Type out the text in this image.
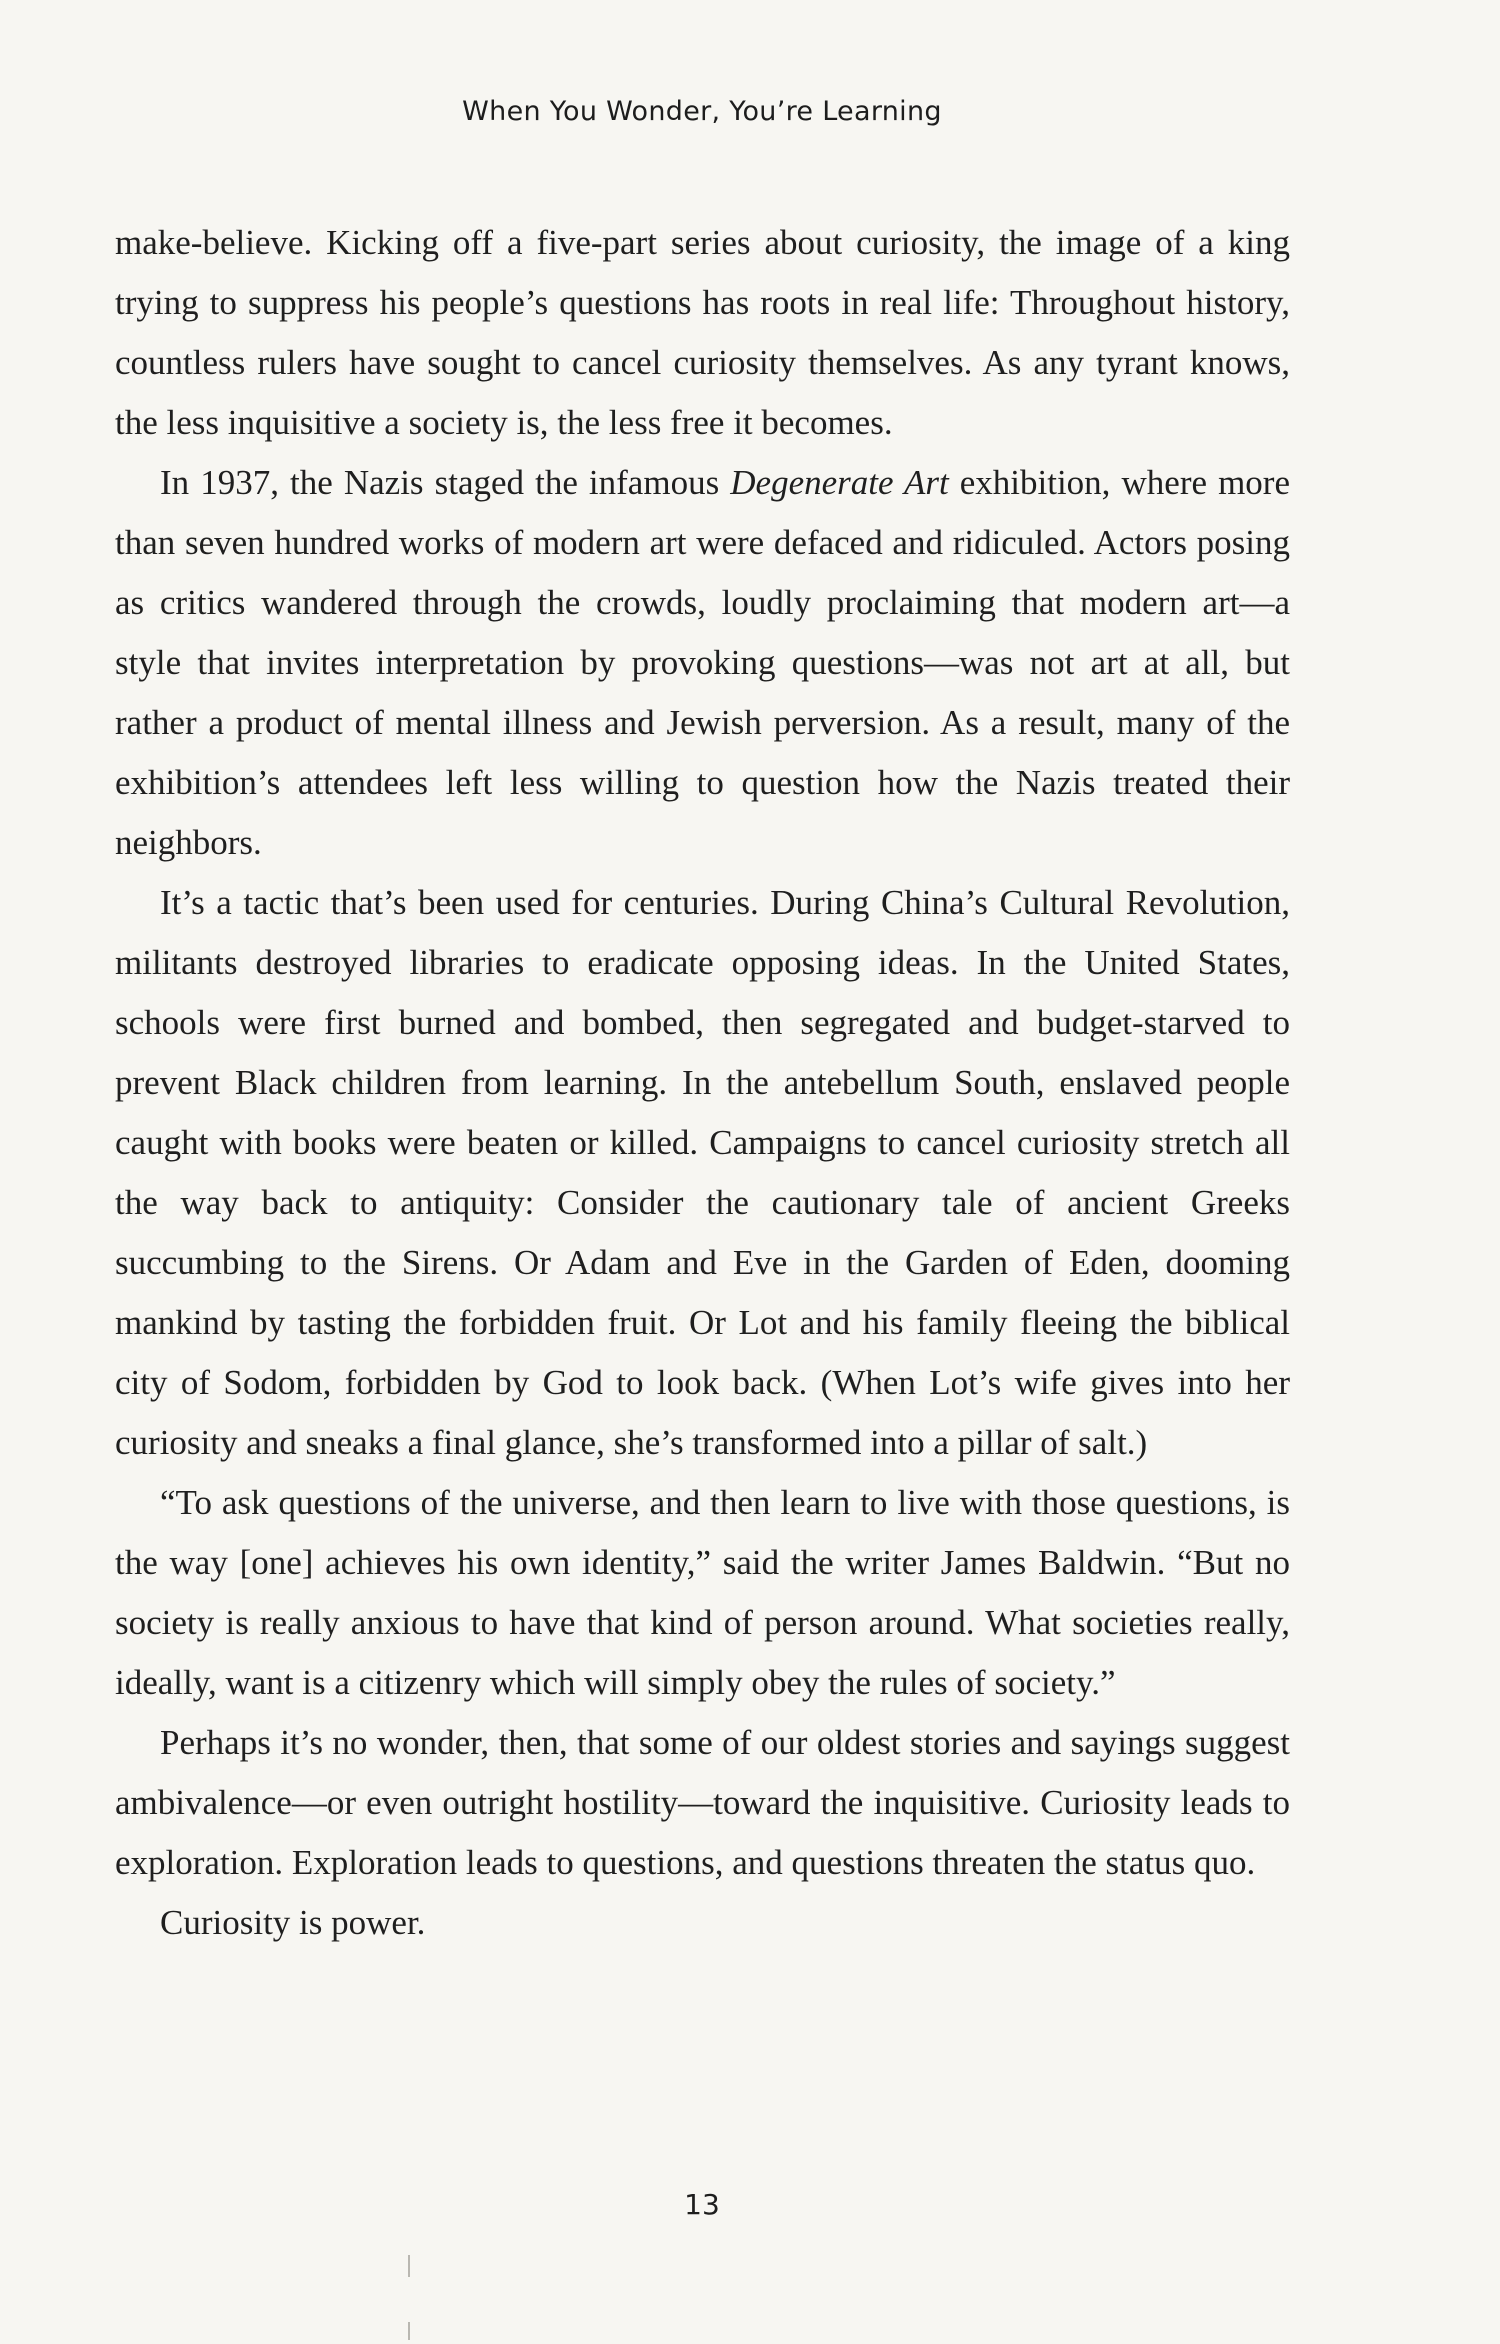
When You Wonder, You’re Learning

make-believe. Kicking off a five-part series about curiosity, the image of a king trying to suppress his people’s questions has roots in real life: Throughout history, countless rulers have sought to cancel curiosity themselves. As any tyrant knows, the less inquisitive a society is, the less free it becomes.

In 1937, the Nazis staged the infamous Degenerate Art exhibition, where more than seven hundred works of modern art were defaced and ridiculed. Actors posing as critics wandered through the crowds, loudly proclaiming that modern art—a style that invites interpretation by provoking questions—was not art at all, but rather a product of mental illness and Jewish perversion. As a result, many of the exhibition’s attendees left less willing to question how the Nazis treated their neighbors.

It’s a tactic that’s been used for centuries. During China’s Cultural Revolution, militants destroyed libraries to eradicate opposing ideas. In the United States, schools were first burned and bombed, then segregated and budget-starved to prevent Black children from learning. In the antebellum South, enslaved people caught with books were beaten or killed. Campaigns to cancel curiosity stretch all the way back to antiquity: Consider the cautionary tale of ancient Greeks succumbing to the Sirens. Or Adam and Eve in the Garden of Eden, dooming mankind by tasting the forbidden fruit. Or Lot and his family fleeing the biblical city of Sodom, forbidden by God to look back. (When Lot’s wife gives into her curiosity and sneaks a final glance, she’s transformed into a pillar of salt.)

“To ask questions of the universe, and then learn to live with those questions, is the way [one] achieves his own identity,” said the writer James Baldwin. “But no society is really anxious to have that kind of person around. What societies really, ideally, want is a citizenry which will simply obey the rules of society.”

Perhaps it’s no wonder, then, that some of our oldest stories and sayings suggest ambivalence—or even outright hostility—toward the inquisitive. Curiosity leads to exploration. Exploration leads to questions, and questions threaten the status quo.

Curiosity is power.

13
